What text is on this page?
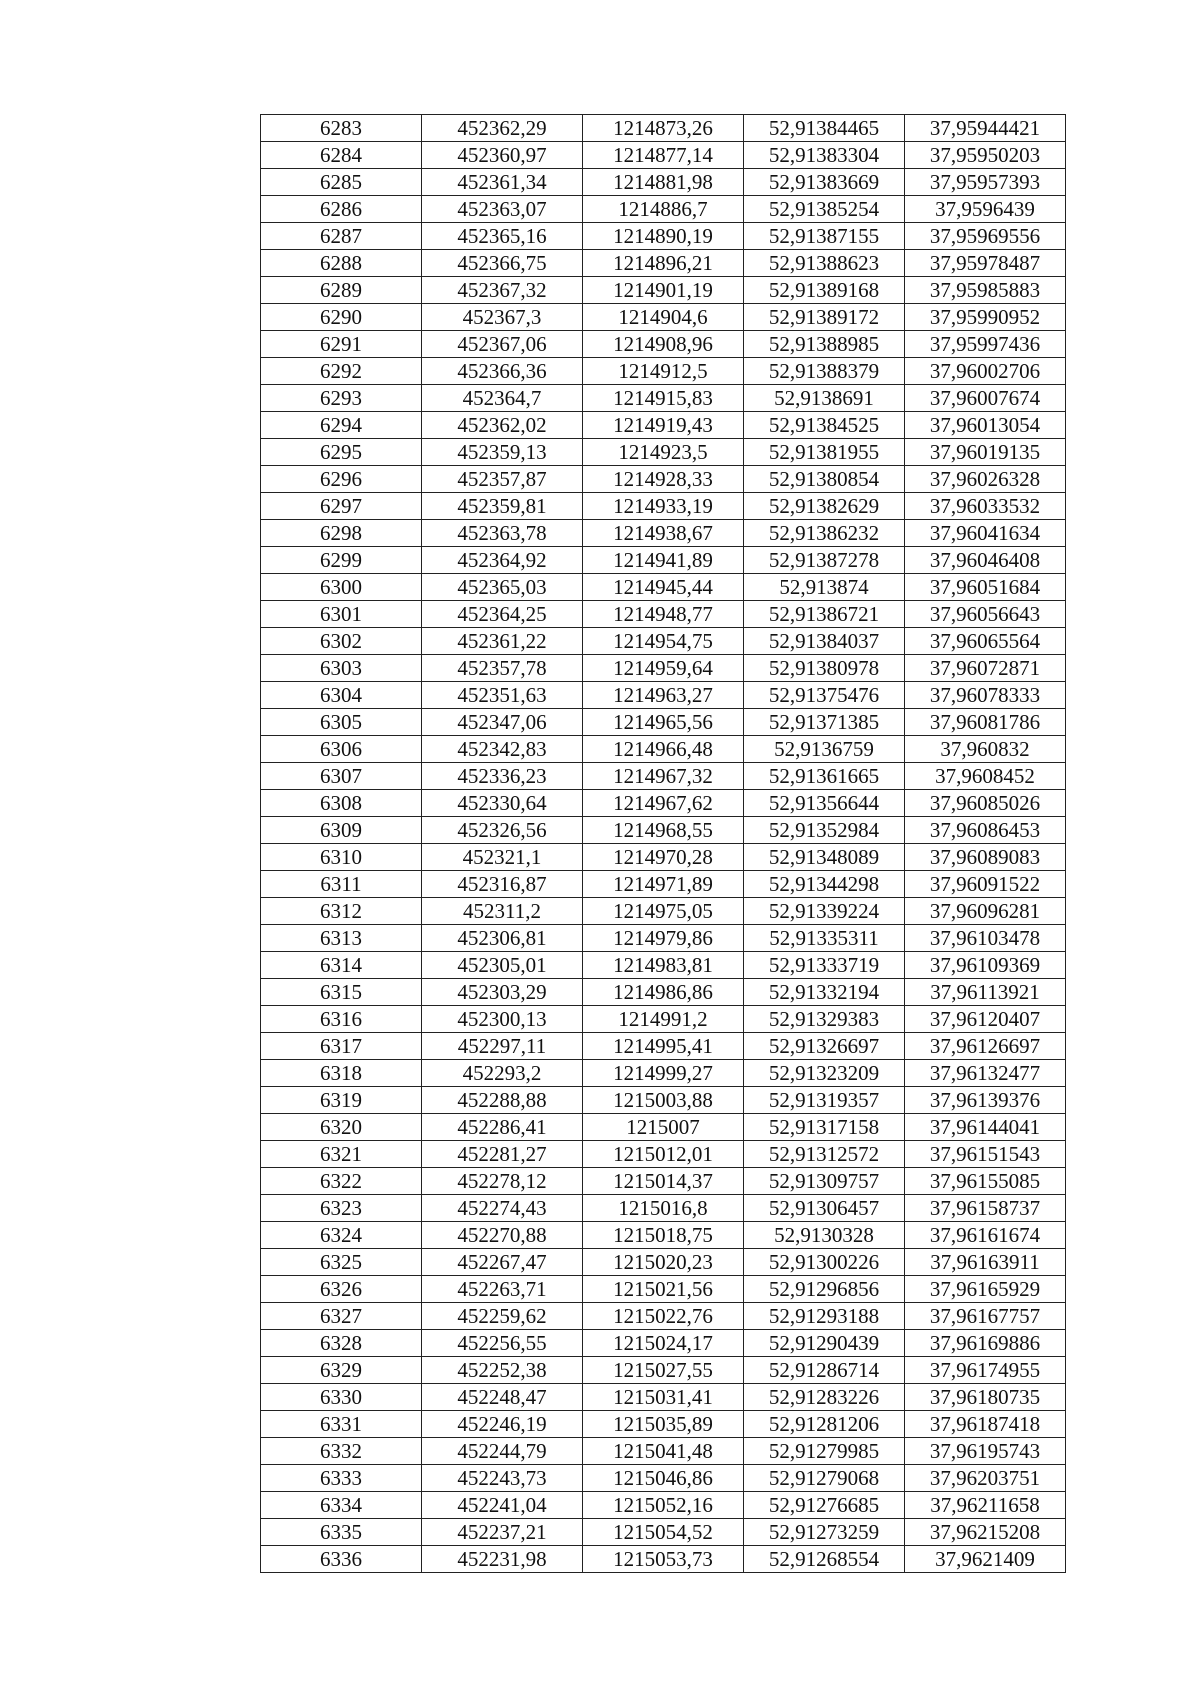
6283	452362,29	1214873,26	52,91384465	37,95944421
6284	452360,97	1214877,14	52,91383304	37,95950203
6285	452361,34	1214881,98	52,91383669	37,95957393
6286	452363,07	1214886,7	52,91385254	37,9596439
6287	452365,16	1214890,19	52,91387155	37,95969556
6288	452366,75	1214896,21	52,91388623	37,95978487
6289	452367,32	1214901,19	52,91389168	37,95985883
6290	452367,3	1214904,6	52,91389172	37,95990952
6291	452367,06	1214908,96	52,91388985	37,95997436
6292	452366,36	1214912,5	52,91388379	37,96002706
6293	452364,7	1214915,83	52,9138691	37,96007674
6294	452362,02	1214919,43	52,91384525	37,96013054
6295	452359,13	1214923,5	52,91381955	37,96019135
6296	452357,87	1214928,33	52,91380854	37,96026328
6297	452359,81	1214933,19	52,91382629	37,96033532
6298	452363,78	1214938,67	52,91386232	37,96041634
6299	452364,92	1214941,89	52,91387278	37,96046408
6300	452365,03	1214945,44	52,913874	37,96051684
6301	452364,25	1214948,77	52,91386721	37,96056643
6302	452361,22	1214954,75	52,91384037	37,96065564
6303	452357,78	1214959,64	52,91380978	37,96072871
6304	452351,63	1214963,27	52,91375476	37,96078333
6305	452347,06	1214965,56	52,91371385	37,96081786
6306	452342,83	1214966,48	52,9136759	37,960832
6307	452336,23	1214967,32	52,91361665	37,9608452
6308	452330,64	1214967,62	52,91356644	37,96085026
6309	452326,56	1214968,55	52,91352984	37,96086453
6310	452321,1	1214970,28	52,91348089	37,96089083
6311	452316,87	1214971,89	52,91344298	37,96091522
6312	452311,2	1214975,05	52,91339224	37,96096281
6313	452306,81	1214979,86	52,91335311	37,96103478
6314	452305,01	1214983,81	52,91333719	37,96109369
6315	452303,29	1214986,86	52,91332194	37,96113921
6316	452300,13	1214991,2	52,91329383	37,96120407
6317	452297,11	1214995,41	52,91326697	37,96126697
6318	452293,2	1214999,27	52,91323209	37,96132477
6319	452288,88	1215003,88	52,91319357	37,96139376
6320	452286,41	1215007	52,91317158	37,96144041
6321	452281,27	1215012,01	52,91312572	37,96151543
6322	452278,12	1215014,37	52,91309757	37,96155085
6323	452274,43	1215016,8	52,91306457	37,96158737
6324	452270,88	1215018,75	52,9130328	37,96161674
6325	452267,47	1215020,23	52,91300226	37,96163911
6326	452263,71	1215021,56	52,91296856	37,96165929
6327	452259,62	1215022,76	52,91293188	37,96167757
6328	452256,55	1215024,17	52,91290439	37,96169886
6329	452252,38	1215027,55	52,91286714	37,96174955
6330	452248,47	1215031,41	52,91283226	37,96180735
6331	452246,19	1215035,89	52,91281206	37,96187418
6332	452244,79	1215041,48	52,91279985	37,96195743
6333	452243,73	1215046,86	52,91279068	37,96203751
6334	452241,04	1215052,16	52,91276685	37,96211658
6335	452237,21	1215054,52	52,91273259	37,96215208
6336	452231,98	1215053,73	52,91268554	37,9621409
